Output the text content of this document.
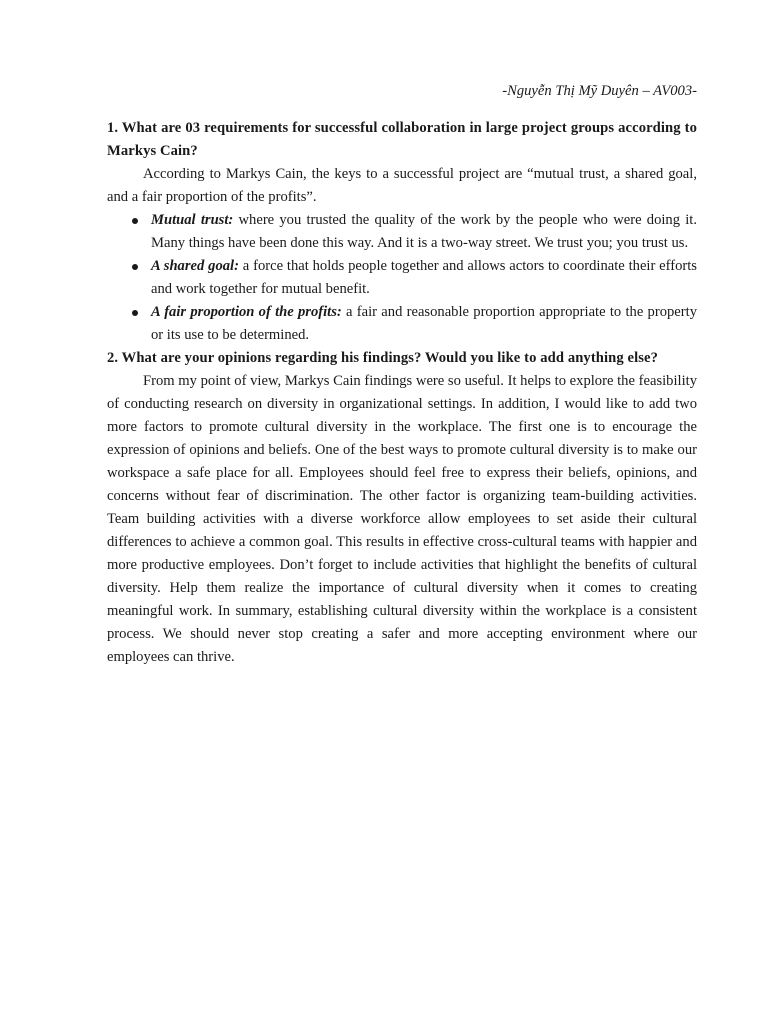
-Nguyễn Thị Mỹ Duyên – AV003-

1. What are 03 requirements for successful collaboration in large project groups according to Markys Cain?

According to Markys Cain, the keys to a successful project are “mutual trust, a shared goal, and a fair proportion of the profits”.

Mutual trust: where you trusted the quality of the work by the people who were doing it. Many things have been done this way. And it is a two-way street. We trust you; you trust us.
A shared goal: a force that holds people together and allows actors to coordinate their efforts and work together for mutual benefit.
A fair proportion of the profits: a fair and reasonable proportion appropriate to the property or its use to be determined.

2. What are your opinions regarding his findings? Would you like to add anything else?

From my point of view, Markys Cain findings were so useful. It helps to explore the feasibility of conducting research on diversity in organizational settings. In addition, I would like to add two more factors to promote cultural diversity in the workplace. The first one is to encourage the expression of opinions and beliefs. One of the best ways to promote cultural diversity is to make our workspace a safe place for all. Employees should feel free to express their beliefs, opinions, and concerns without fear of discrimination. The other factor is organizing team-building activities. Team building activities with a diverse workforce allow employees to set aside their cultural differences to achieve a common goal. This results in effective cross-cultural teams with happier and more productive employees. Don’t forget to include activities that highlight the benefits of cultural diversity. Help them realize the importance of cultural diversity when it comes to creating meaningful work. In summary, establishing cultural diversity within the workplace is a consistent process. We should never stop creating a safer and more accepting environment where our employees can thrive.
